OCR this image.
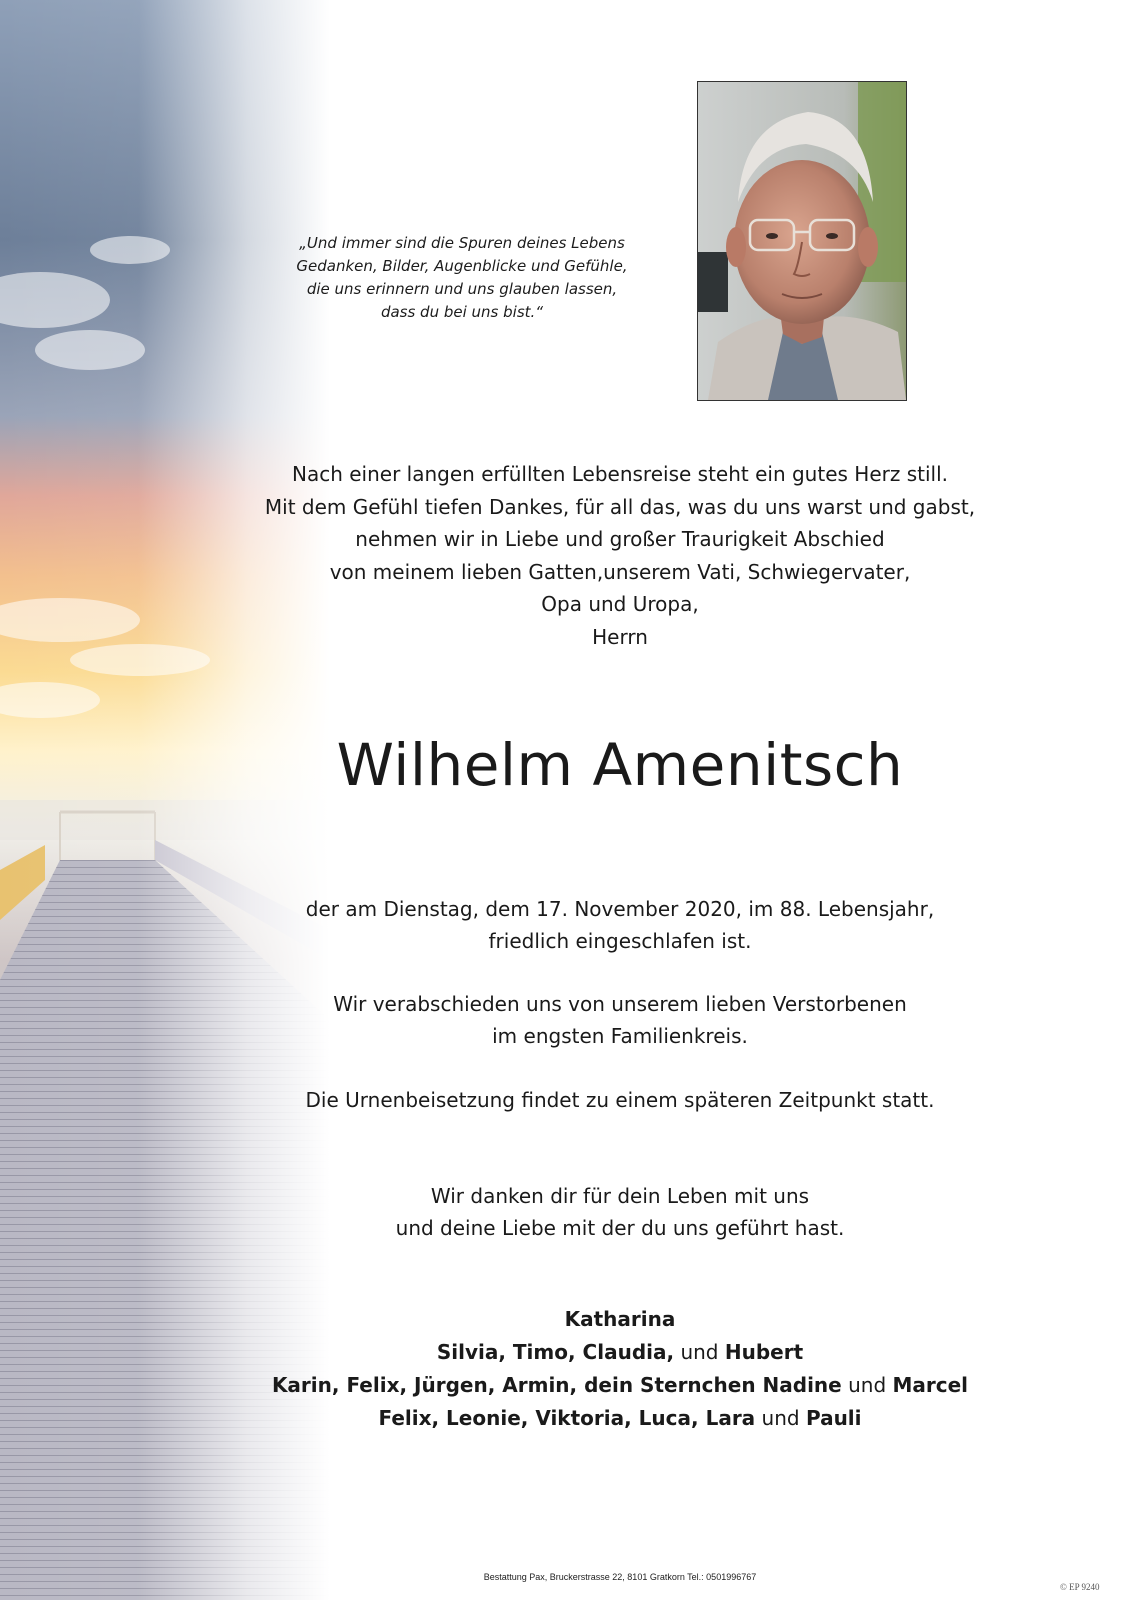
„Und immer sind die Spuren deines Lebens
Gedanken, Bilder, Augenblicke und Gefühle,
die uns erinnern und uns glauben lassen,
dass du bei uns bist.“
Nach einer langen erfüllten Lebensreise steht ein gutes Herz still.
Mit dem Gefühl tiefen Dankes, für all das, was du uns warst und gabst,
nehmen wir in Liebe und großer Traurigkeit Abschied
von meinem lieben Gatten,unserem Vati, Schwiegervater,
Opa und Uropa,
Herrn
Wilhelm Amenitsch
der am Dienstag, dem 17. November 2020, im 88. Lebensjahr,
friedlich eingeschlafen ist.
Wir verabschieden uns von unserem lieben Verstorbenen
im engsten Familienkreis.
Die Urnenbeisetzung findet zu einem späteren Zeitpunkt statt.
Wir danken dir für dein Leben mit uns
und deine Liebe mit der du uns geführt hast.
Katharina
Silvia, Timo, Claudia, und Hubert
Karin, Felix, Jürgen, Armin, dein Sternchen Nadine und Marcel
Felix, Leonie, Viktoria, Luca, Lara und Pauli
Bestattung Pax, Bruckerstrasse 22, 8101 Gratkorn Tel.: 0501996767
© EP 9240
